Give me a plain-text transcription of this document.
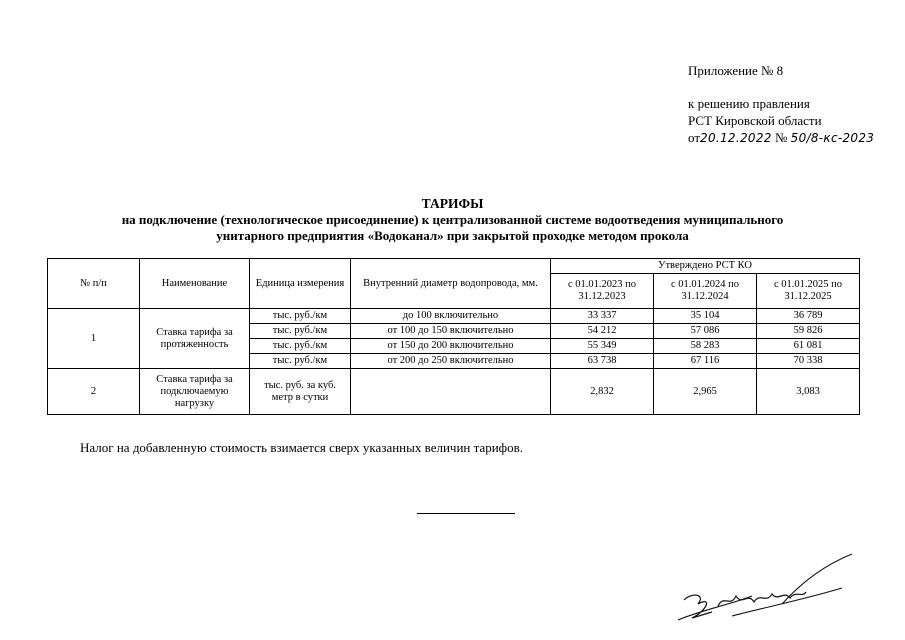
Приложение № 8
к решению правления
РСТ Кировской области
от20.12.2022 № 50/8-кс-2023
ТАРИФЫ
на подключение (технологическое присоединение) к централизованной системе водоотведения муниципального
унитарного предприятия «Водоканал» при закрытой проходке методом прокола
№ п/п	Наименование	Единица измерения	Внутренний диаметр водопровода, мм.	Утверждено РСТ КО		
				с 01.01.2023 по 31.12.2023	с 01.01.2024 по 31.12.2024	с 01.01.2025 по 31.12.2025
1	Ставка тарифа за протяженность	тыс. руб./км	до 100 включительно	33 337	35 104	36 789
		тыс. руб./км	от 100 до 150 включительно	54 212	57 086	59 826
		тыс. руб./км	от 150 до 200 включительно	55 349	58 283	61 081
		тыс. руб./км	от 200 до 250 включительно	63 738	67 116	70 338
2	Ставка тарифа за подключаемую нагрузку	тыс. руб. за куб. метр в сутки		2,832	2,965	3,083
Налог на добавленную стоимость взимается сверх указанных величин тарифов.
